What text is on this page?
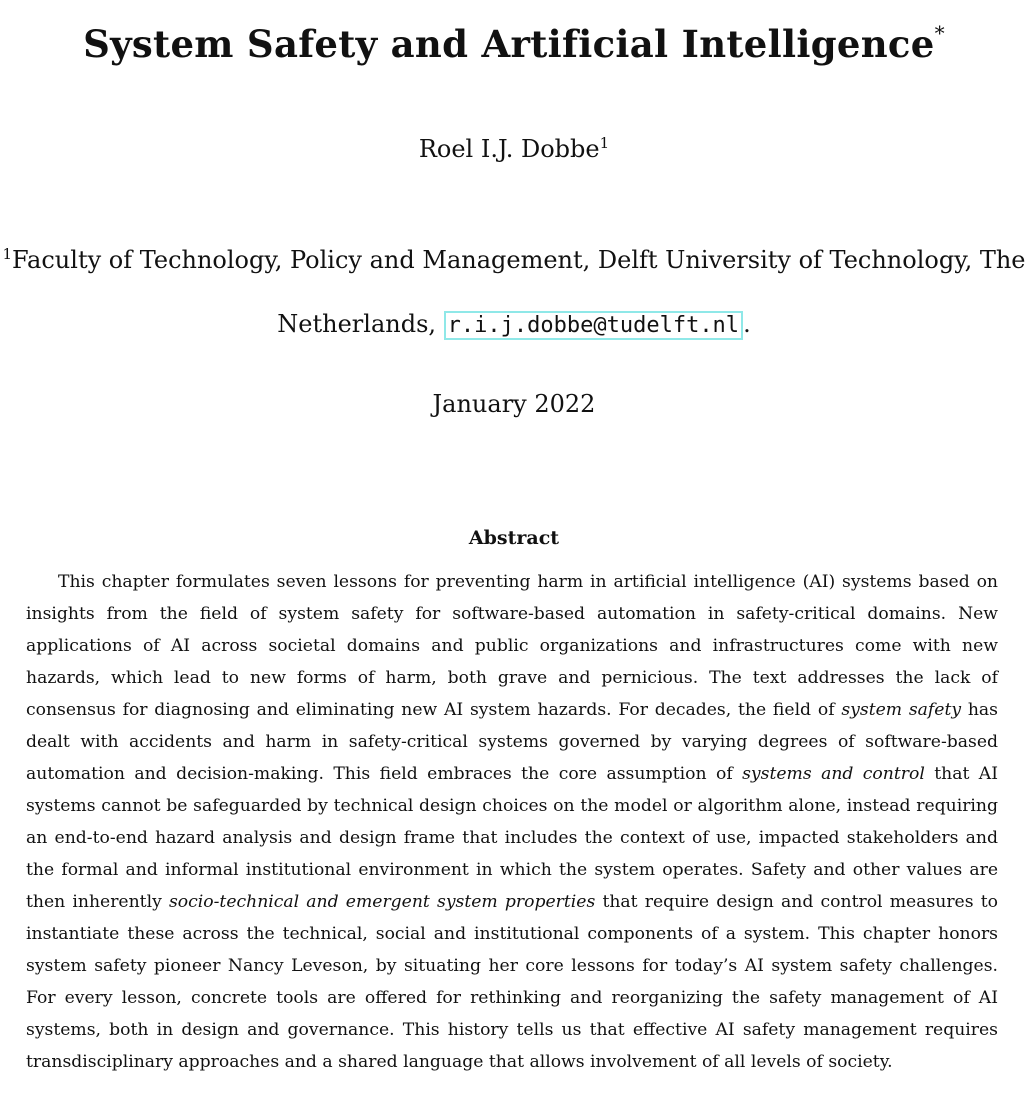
System Safety and Artificial Intelligence*
Roel I.J. Dobbe$^1$
$^1$Faculty of Technology, Policy and Management, Delft University of Technology, The
Netherlands, r.i.j.dobbe@tudelft.nl .
January 2022
Abstract
This chapter formulates seven lessons for preventing harm in artificial intelligence (AI) systems based on insights from the field of system safety for software-based automation in safety-critical domains. New applications of AI across societal domains and public organizations and infrastructures come with new hazards, which lead to new forms of harm, both grave and pernicious. The text addresses the lack of consensus for diagnosing and eliminating new AI system hazards. For decades, the field of system safety has dealt with accidents and harm in safety-critical systems governed by varying degrees of software-based automation and decision-making. This field embraces the core assumption of systems and control that AI systems cannot be safeguarded by technical design choices on the model or algorithm alone, instead requiring an end-to-end hazard analysis and design frame that includes the context of use, impacted stakeholders and the formal and informal institutional environment in which the system operates. Safety and other values are then inherently socio-technical and emergent system properties that require design and control measures to instantiate these across the technical, social and institutional components of a system. This chapter honors system safety pioneer Nancy Leveson, by situating her core lessons for today’s AI system safety challenges. For every lesson, concrete tools are offered for rethinking and reorganizing the safety management of AI systems, both in design and governance. This history tells us that effective AI safety management requires transdisciplinary approaches and a shared language that allows involvement of all levels of society.
